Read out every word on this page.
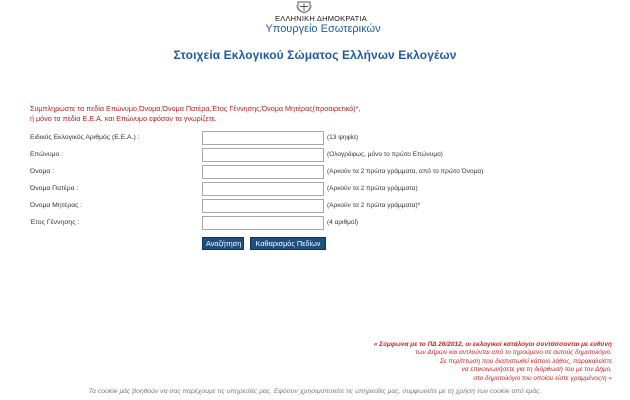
ΕΛΛΗΝΙΚΗ ΔΗΜΟΚΡΑΤΙΑ

Υπουργείο Εσωτερικών

Στοιχεία Εκλογικού Σώματος Ελλήνων Εκλογέων
Συμπληρώστε τα πεδία Επώνυμο,Όνομα,Όνομα Πατέρα,Έτος Γέννησης,Όνομα Μητέρας(προαιρετικό)*,
ή μόνο τα πεδία Ε.Ε.Α. και Επώνυμο εφόσον τα γνωρίζετε.
Ειδικός Εκλογικός Αριθμός (Ε.Ε.Α.) :	(13 ψηφία)
Επώνυμο :	(Ολογράφως, μόνο το πρώτο Επώνυμο)
Όνομα :	(Αρκούν τα 2 πρώτα γράμματα, από το πρώτο Όνομα)
Όνομα Πατέρα :	(Αρκούν τα 2 πρώτα γράμματα)
Όνομα Μητέρας :	(Αρκούν τα 2 πρώτα γράμματα)*
Έτος Γέννησης :	(4 αριθμοί)
Αναζήτηση	Καθαρισμός Πεδίων

« Σύμφωνα με το ΠΔ 26/2012, οι εκλογικοί κατάλογοι συντάσσονται με ευθύνη

των Δήμων και αντλούνται από το τηρούμενο σε αυτούς δημοτολόγιο.

Σε περίπτωση που διαπιστωθεί κάποιο λάθος, παρακαλείστε

να επικοινωνήσετε για τη διόρθωσή του με τον Δήμο,

στο δημοτολόγιο του οποίου είστε γραμμένος/η »

Τα cookie μάς βοηθούν να σας παρέχουμε τις υπηρεσίες μας. Εφόσον χρησιμοποιείτε τις υπηρεσίες μας, συμφωνείτε με τη χρήση των cookie από εμάς.
